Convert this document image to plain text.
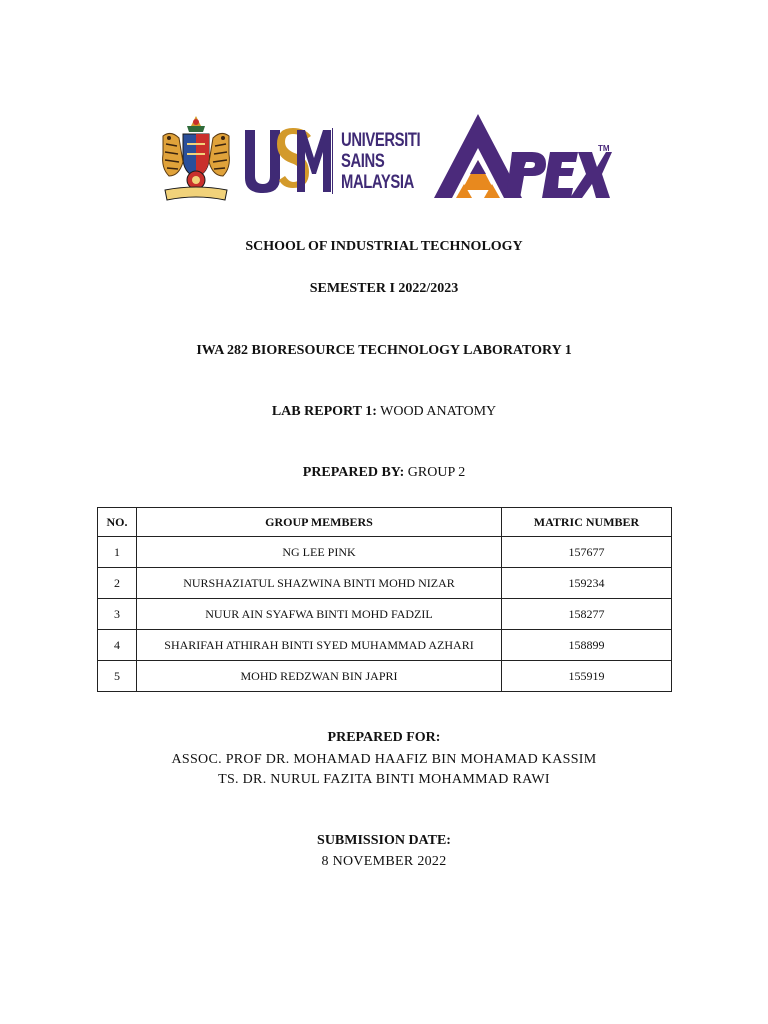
UNIVERSITI
SAINS
MALAYSIA
TM
SCHOOL OF INDUSTRIAL TECHNOLOGY
SEMESTER I 2022/2023
IWA 282 BIORESOURCE TECHNOLOGY LABORATORY 1
LAB REPORT 1: WOOD ANATOMY
PREPARED BY: GROUP 2
NO.	GROUP MEMBERS	MATRIC NUMBER
1	NG LEE PINK	157677
2	NURSHAZIATUL SHAZWINA BINTI MOHD NIZAR	159234
3	NUUR AIN SYAFWA BINTI MOHD FADZIL	158277
4	SHARIFAH ATHIRAH BINTI SYED MUHAMMAD AZHARI	158899
5	MOHD REDZWAN BIN JAPRI	155919
PREPARED FOR:
ASSOC. PROF DR. MOHAMAD HAAFIZ BIN MOHAMAD KASSIM
TS. DR. NURUL FAZITA BINTI MOHAMMAD RAWI
SUBMISSION DATE:
8 NOVEMBER 2022
